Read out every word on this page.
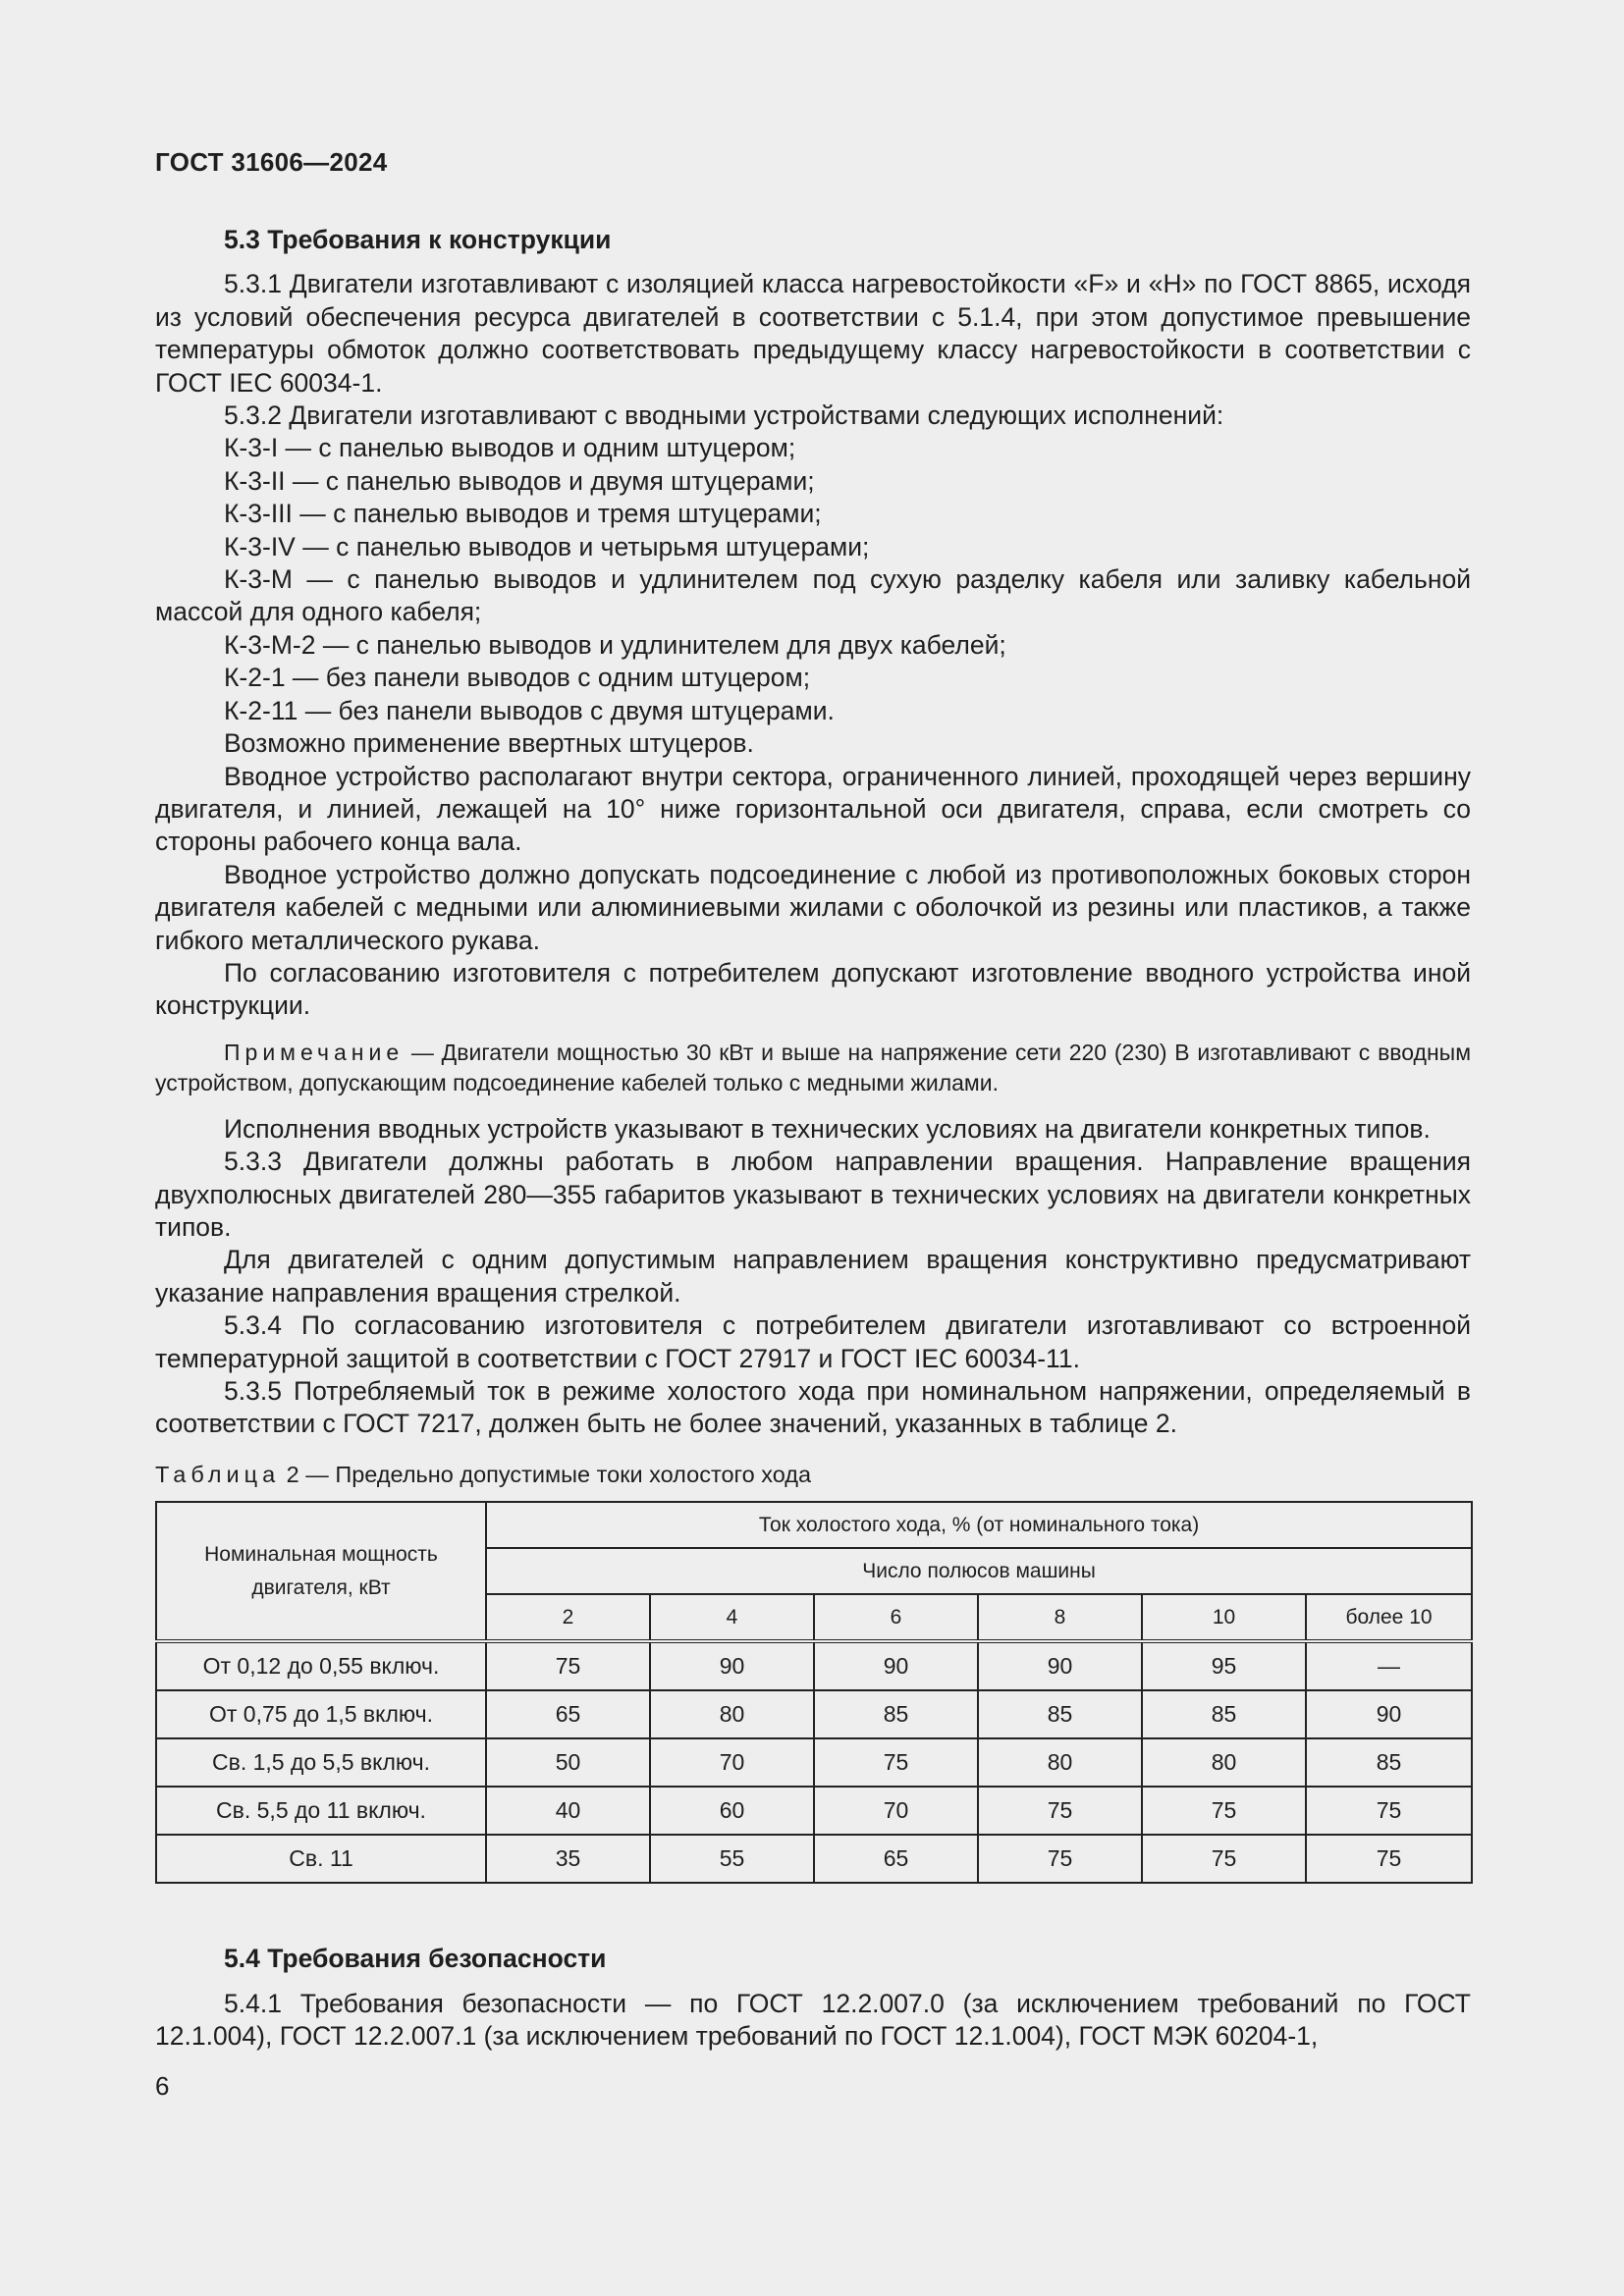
ГОСТ 31606—2024

5.3 Требования к конструкции

5.3.1 Двигатели изготавливают с изоляцией класса нагревостойкости «F» и «H» по ГОСТ 8865, исходя из условий обеспечения ресурса двигателей в соответствии с 5.1.4, при этом допустимое превышение температуры обмоток должно соответствовать предыдущему классу нагревостойкости в соответствии с ГОСТ IEC 60034-1.

5.3.2 Двигатели изготавливают с вводными устройствами следующих исполнений:

К-3-I — с панелью выводов и одним штуцером;

К-3-II — с панелью выводов и двумя штуцерами;

К-3-III — с панелью выводов и тремя штуцерами;

К-3-IV — с панелью выводов и четырьмя штуцерами;

К-3-М — с панелью выводов и удлинителем под сухую разделку кабеля или заливку кабельной массой для одного кабеля;

К-3-М-2 — с панелью выводов и удлинителем для двух кабелей;

К-2-1 — без панели выводов с одним штуцером;

К-2-11 — без панели выводов с двумя штуцерами.

Возможно применение ввертных штуцеров.

Вводное устройство располагают внутри сектора, ограниченного линией, проходящей через вершину двигателя, и линией, лежащей на 10° ниже горизонтальной оси двигателя, справа, если смотреть со стороны рабочего конца вала.

Вводное устройство должно допускать подсоединение с любой из противоположных боковых сторон двигателя кабелей с медными или алюминиевыми жилами с оболочкой из резины или пластиков, а также гибкого металлического рукава.

По согласованию изготовителя с потребителем допускают изготовление вводного устройства иной конструкции.

Примечание — Двигатели мощностью 30 кВт и выше на напряжение сети 220 (230) В изготавливают с вводным устройством, допускающим подсоединение кабелей только с медными жилами.

Исполнения вводных устройств указывают в технических условиях на двигатели конкретных типов.

5.3.3 Двигатели должны работать в любом направлении вращения. Направление вращения двухполюсных двигателей 280—355 габаритов указывают в технических условиях на двигатели конкретных типов.

Для двигателей с одним допустимым направлением вращения конструктивно предусматривают указание направления вращения стрелкой.

5.3.4 По согласованию изготовителя с потребителем двигатели изготавливают со встроенной температурной защитой в соответствии с ГОСТ 27917 и ГОСТ IEC 60034-11.

5.3.5 Потребляемый ток в режиме холостого хода при номинальном напряжении, определяемый в соответствии с ГОСТ 7217, должен быть не более значений, указанных в таблице 2.

Таблица 2 — Предельно допустимые токи холостого хода

Номинальная мощность двигателя, кВт	Ток холостого хода, % (от номинального тока)					
	Число полюсов машины					
	2	4	6	8	10	более 10
От 0,12 до 0,55 включ.	75	90	90	90	95	—
От 0,75 до 1,5 включ.	65	80	85	85	85	90
Св. 1,5 до 5,5 включ.	50	70	75	80	80	85
Св. 5,5 до 11 включ.	40	60	70	75	75	75
Св. 11	35	55	65	75	75	75

5.4 Требования безопасности

5.4.1 Требования безопасности — по ГОСТ 12.2.007.0 (за исключением требований по ГОСТ 12.1.004), ГОСТ 12.2.007.1 (за исключением требований по ГОСТ 12.1.004), ГОСТ МЭК 60204-1,

6
